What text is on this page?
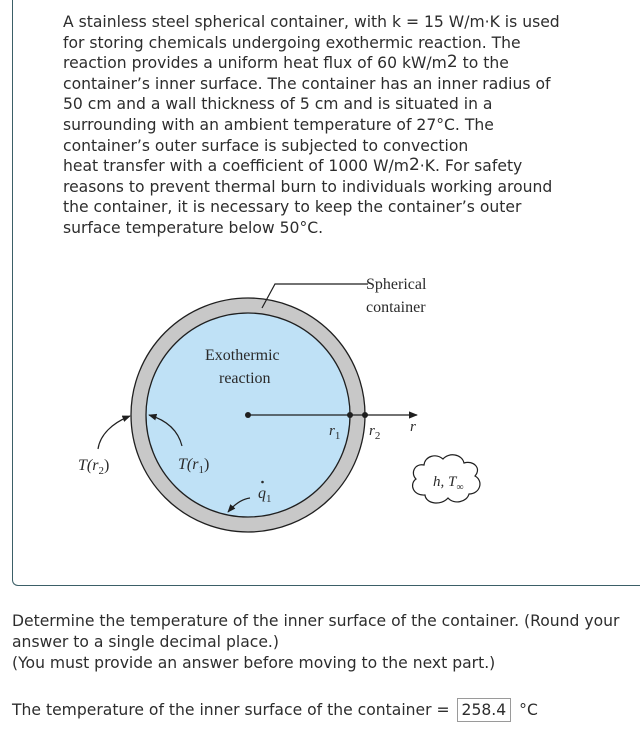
A stainless steel spherical container, with k = 15 W/m·K is used
for storing chemicals undergoing exothermic reaction. The
reaction provides a uniform heat flux of 60 $kW/m^2$ to the
container’s inner surface. The container has an inner radius of
50 cm and a wall thickness of 5 cm and is situated in a
surrounding with an ambient temperature of 27°C. The
container’s outer surface is subjected to convection
heat transfer with a coefficient of 1000 $W/m^2\cdot K$. For safety
reasons to prevent thermal burn to individuals working around
the container, it is necessary to keep the container’s outer
surface temperature below 50°C.

Spherical
container
Exothermic
reaction
$r_1$ $r_2$
r
$T(r_2)$	$T(r_1)$
$q_1$
h, $T_\infty$

Determine the temperature of the inner surface of the container. (Round your
answer to a single decimal place.)
(You must provide an answer before moving to the next part.)

The temperature of the inner surface of the container = 258.4 °C
